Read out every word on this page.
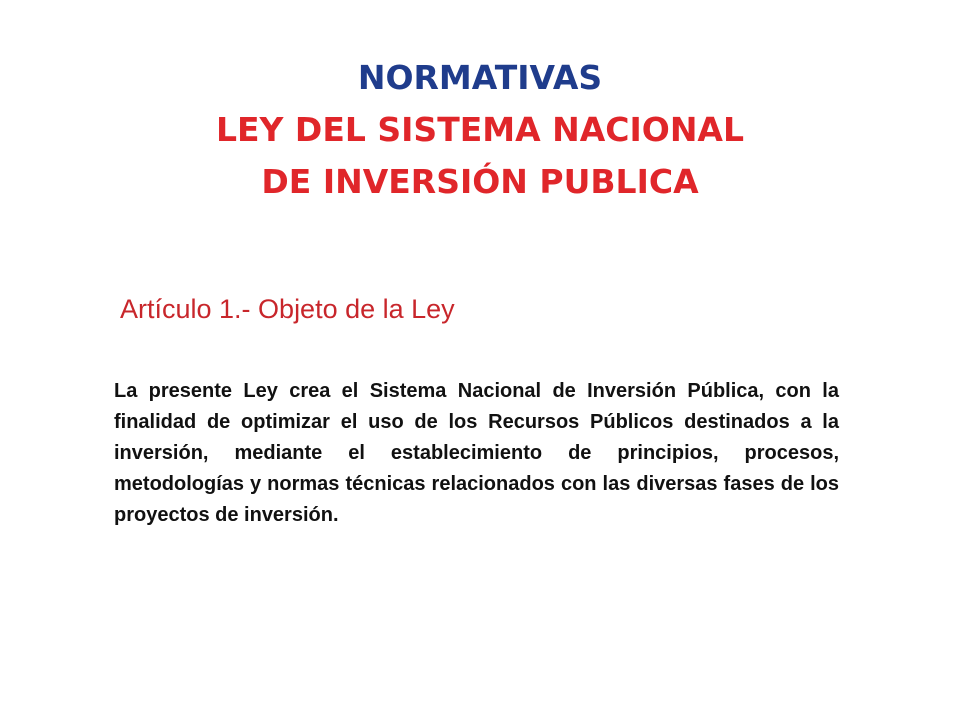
NORMATIVAS
LEY DEL SISTEMA NACIONAL
DE INVERSIÓN PUBLICA
Artículo 1.- Objeto de la Ley

La presente Ley crea el Sistema Nacional de Inversión Pública, con la finalidad de optimizar el uso de los Recursos Públicos destinados a la inversión, mediante el establecimiento de principios, procesos, metodologías y normas técnicas relacionados con las diversas fases de los proyectos de inversión.
